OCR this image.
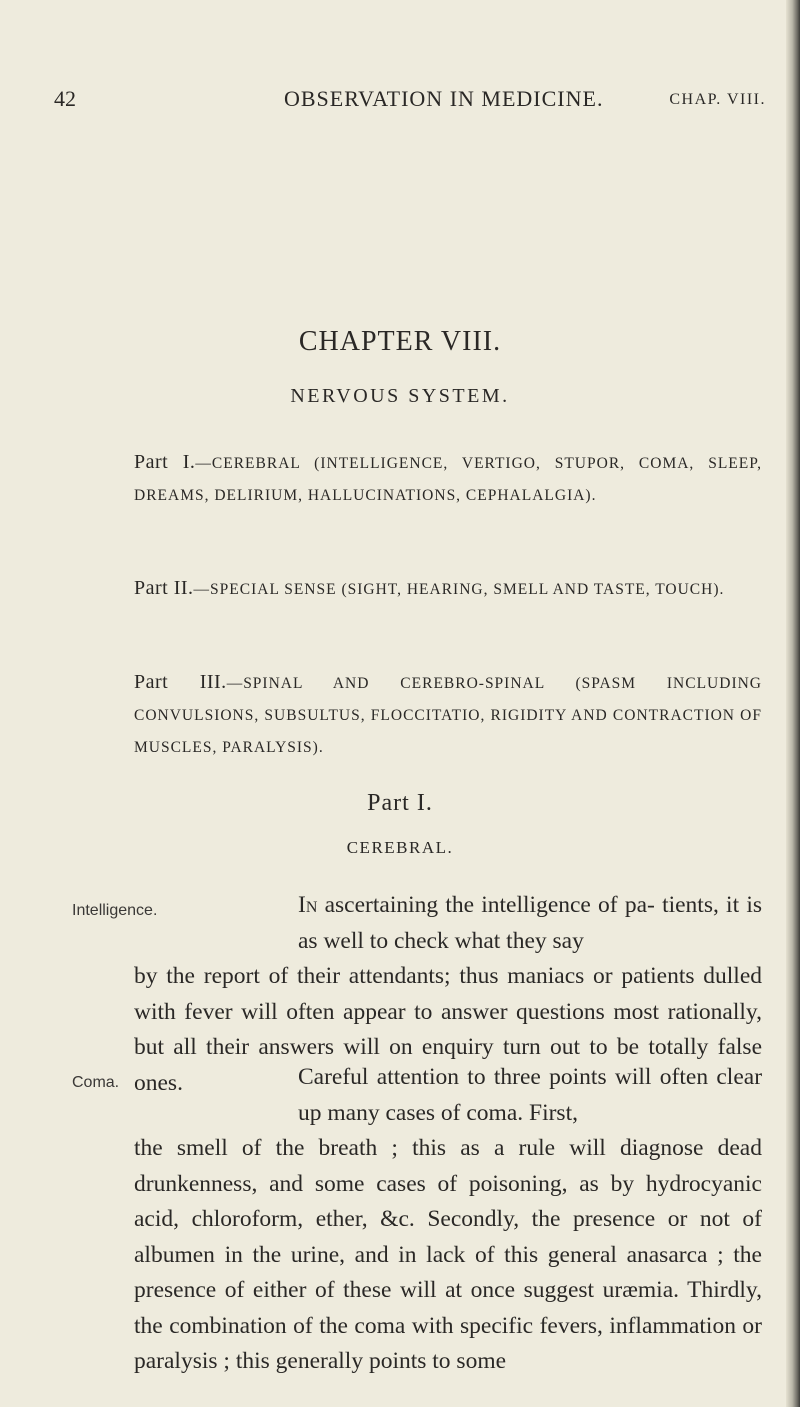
42	OBSERVATION IN MEDICINE.	CHAP. VIII.
CHAPTER VIII.
NERVOUS SYSTEM.
Part I.—CEREBRAL (INTELLIGENCE, VERTIGO, STUPOR, COMA, SLEEP, DREAMS, DELIRIUM, HALLUCINATIONS, CEPHALALGIA).
Part II.—SPECIAL SENSE (SIGHT, HEARING, SMELL AND TASTE, TOUCH).
Part III.—SPINAL AND CEREBRO-SPINAL (SPASM INCLUDING CONVULSIONS, SUBSULTUS, FLOCCITATIO, RIGIDITY AND CONTRACTION OF MUSCLES, PARALYSIS).
Part I.
CEREBRAL.
Intelligence.	In ascertaining the intelligence of pa- tients, it is as well to check what they say
by the report of their attendants; thus maniacs or patients dulled with fever will often appear to answer questions most rationally, but all their answers will on enquiry turn out to be totally false ones.
Coma.	Careful attention to three points will often clear up many cases of coma. First,
the smell of the breath ; this as a rule will diagnose dead drunkenness, and some cases of poisoning, as by hydrocyanic acid, chloroform, ether, &c. Secondly, the presence or not of albumen in the urine, and in lack of this general anasarca ; the presence of either of these will at once suggest uræmia. Thirdly, the combination of the coma with specific fevers, inflammation or paralysis ; this generally points to some
